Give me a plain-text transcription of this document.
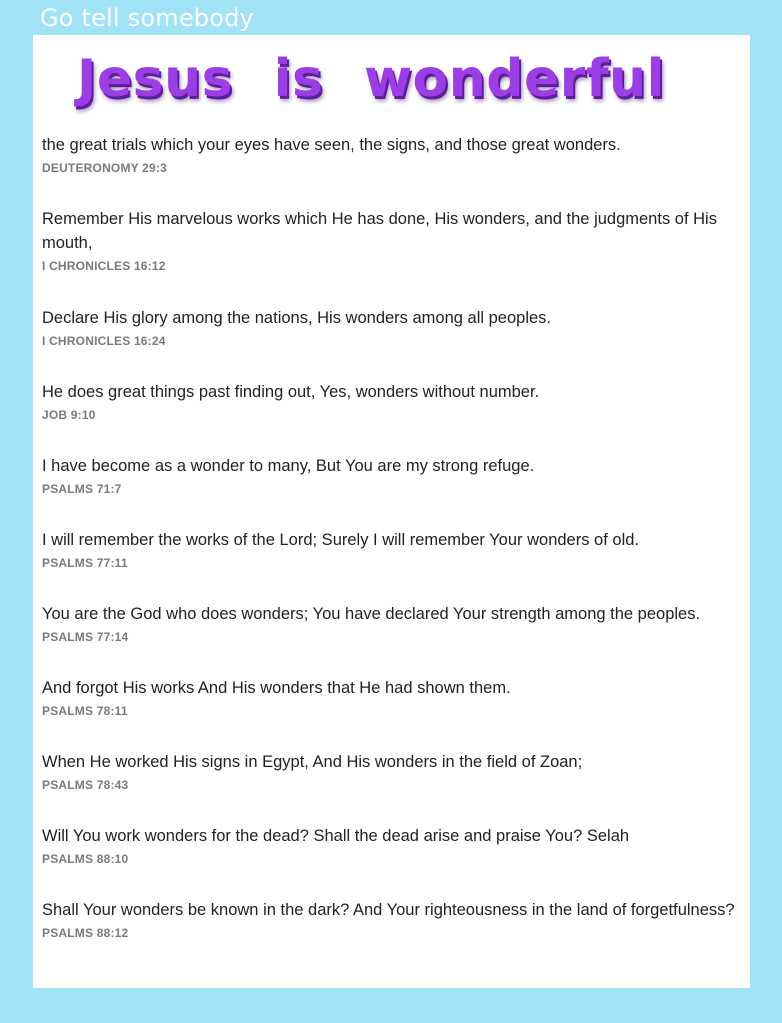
Go tell somebody
Jesus is wonderful
the great trials which your eyes have seen, the signs, and those great wonders.
DEUTERONOMY 29:3
Remember His marvelous works which He has done, His wonders, and the judgments of His mouth,
I CHRONICLES 16:12
Declare His glory among the nations, His wonders among all peoples.
I CHRONICLES 16:24
He does great things past finding out, Yes, wonders without number.
JOB 9:10
I have become as a wonder to many, But You are my strong refuge.
PSALMS 71:7
I will remember the works of the Lord; Surely I will remember Your wonders of old.
PSALMS 77:11
You are the God who does wonders; You have declared Your strength among the peoples.
PSALMS 77:14
And forgot His works And His wonders that He had shown them.
PSALMS 78:11
When He worked His signs in Egypt, And His wonders in the field of Zoan;
PSALMS 78:43
Will You work wonders for the dead? Shall the dead arise and praise You? Selah
PSALMS 88:10
Shall Your wonders be known in the dark? And Your righteousness in the land of forgetfulness?
PSALMS 88:12
